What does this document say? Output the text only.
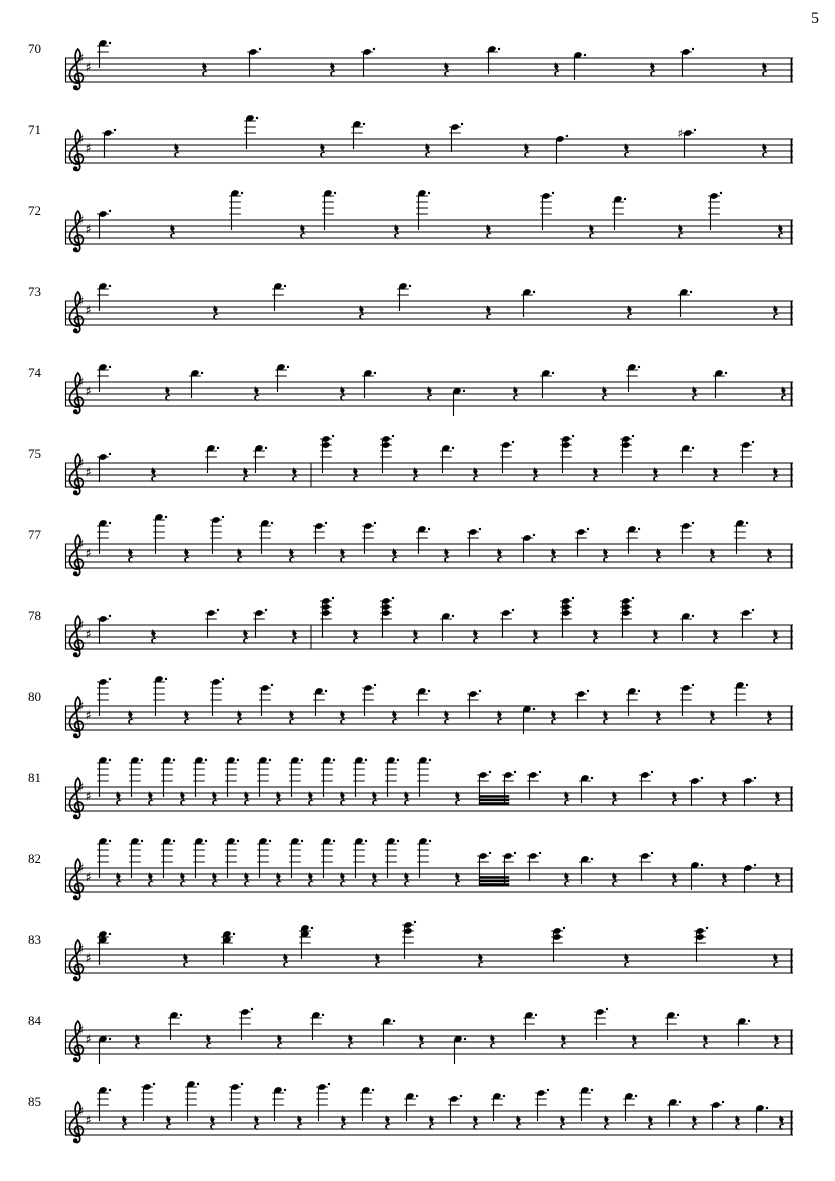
5
70
♯
♯
71
♯
♯
♯
72
♯
♯
73
♯
♯
74
♯
♯
75
♯
♯
77
♯
♯
78
♯
♯
80
♯
♯
81
♯
♯
82
♯
♯
83
♯
♯
84
♯
♯
85
♯
♯
